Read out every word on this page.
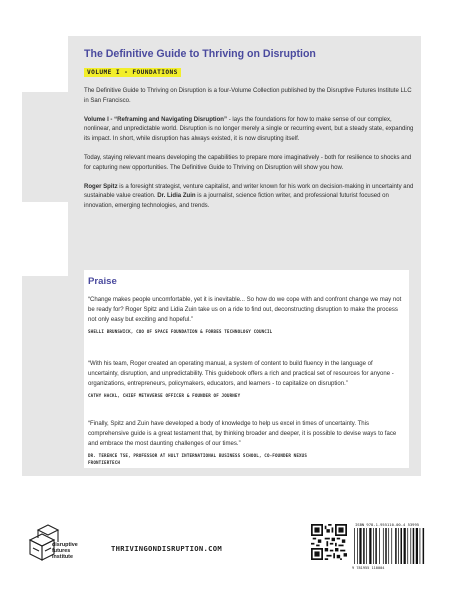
The Definitive Guide to Thriving on Disruption
VOLUME I - FOUNDATIONS

The Definitive Guide to Thriving on Disruption is a four-Volume Collection published by the Disruptive Futures Institute LLC in San Francisco.

Volume I - “Reframing and Navigating Disruption” - lays the foundations for how to make sense of our complex, nonlinear, and unpredictable world. Disruption is no longer merely a single or recurring event, but a steady state, expanding its impact. In short, while disruption has always existed, it is now disrupting itself.

Today, staying relevant means developing the capabilities to prepare more imaginatively - both for resilience to shocks and for capturing new opportunities. The Definitive Guide to Thriving on Disruption will show you how.

Roger Spitz is a foresight strategist, venture capitalist, and writer known for his work on decision-making in uncertainty and sustainable value creation. Dr. Lidia Zuin is a journalist, science fiction writer, and professional futurist focused on innovation, emerging technologies, and trends.

Praise

“Change makes people uncomfortable, yet it is inevitable... So how do we cope with and confront change we may not be ready for? Roger Spitz and Lidia Zuin take us on a ride to find out, deconstructing disruption to make the process not only easy but exciting and hopeful.”

SHELLI BRUNSWICK, COO OF SPACE FOUNDATION & FORBES TECHNOLOGY COUNCIL

“With his team, Roger created an operating manual, a system of content to build fluency in the language of uncertainty, disruption, and unpredictability. This guidebook offers a rich and practical set of resources for anyone - organizations, entrepreneurs, policymakers, educators, and learners - to capitalize on disruption.”

CATHY HACKL, CHIEF METAVERSE OFFICER & FOUNDER OF JOURNEY

“Finally, Spitz and Zuin have developed a body of knowledge to help us excel in times of uncertainty. This comprehensive guide is a great testament that, by thinking broader and deeper, it is possible to devise ways to face and embrace the most daunting challenges of our times.”

DR. TERENCE TSE, PROFESSOR AT HULT INTERNATIONAL BUSINESS SCHOOL, CO-FOUNDER NEXUS FRONTIERTECH
disruptive
futures
institute
THRIVINGONDISRUPTION.COM
ISBN 978-1-955110-00-4 53995
9 781955 110004
